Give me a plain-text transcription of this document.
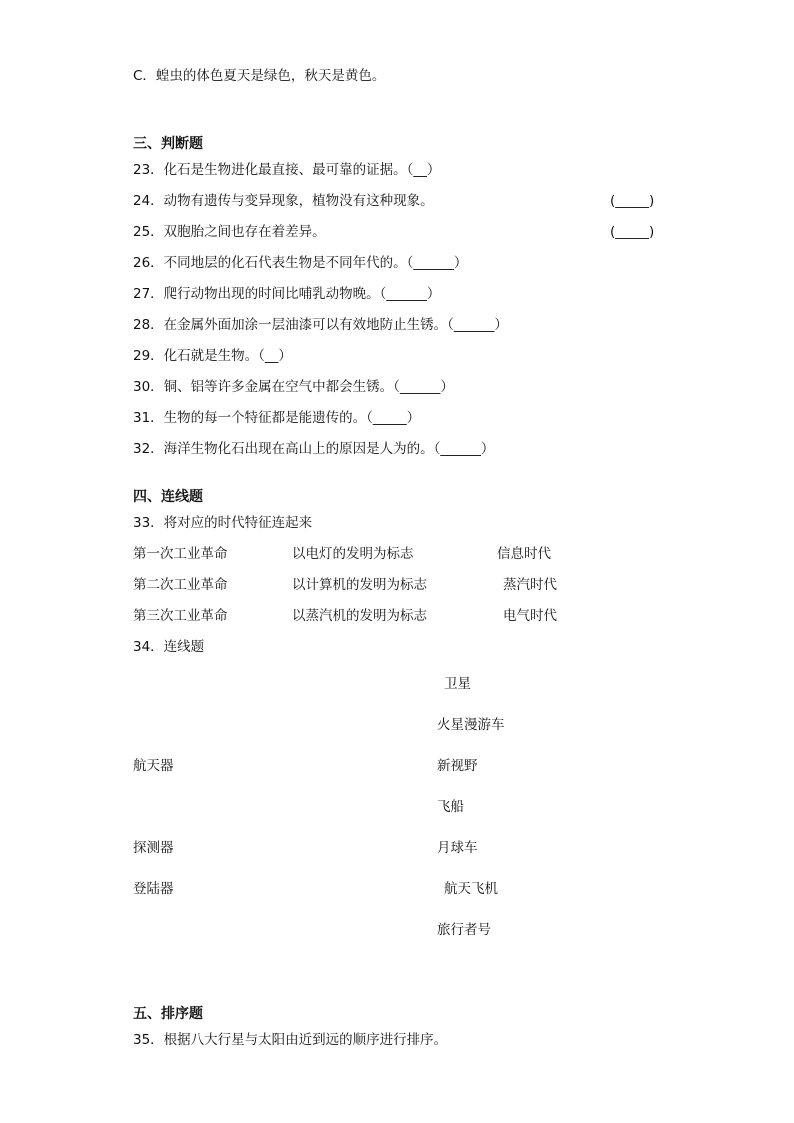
C．蝗虫的体色夏天是绿色，秋天是黄色。
三、判断题
23．化石是生物进化最直接、最可靠的证据。（__）
24．动物有遗传与变异现象，植物没有这种现象。	(_____)
25．双胞胎之间也存在着差异。	(_____)
26．不同地层的化石代表生物是不同年代的。（______）
27．爬行动物出现的时间比哺乳动物晚。（______）
28．在金属外面加涂一层油漆可以有效地防止生锈。（______）
29．化石就是生物。（__）
30．铜、铝等许多金属在空气中都会生锈。（______）
31．生物的每一个特征都是能遗传的。（_____）
32．海洋生物化石出现在高山上的原因是人为的。（______）
四、连线题
33．将对应的时代特征连起来
第一次工业革命	以电灯的发明为标志	信息时代
第二次工业革命	以计算机的发明为标志	蒸汽时代
第三次工业革命	以蒸汽机的发明为标志	电气时代
34．连线题
卫星
火星漫游车
航天器	新视野
飞船
探测器	月球车
登陆器	航天飞机
旅行者号
五、排序题
35．根据八大行星与太阳由近到远的顺序进行排序。
